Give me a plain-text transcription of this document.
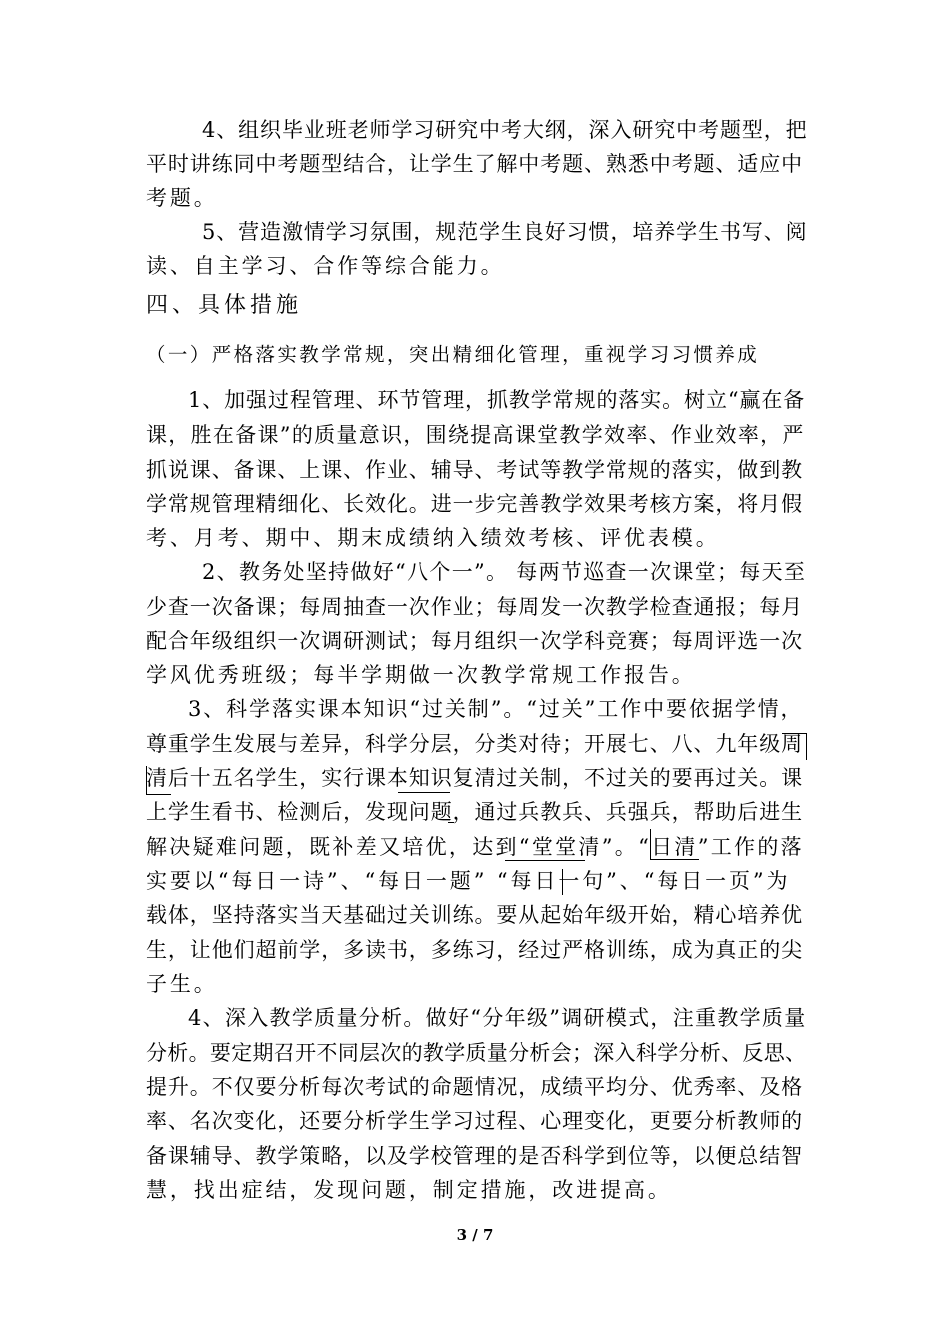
4、组织毕业班老师学习研究中考大纲，深入研究中考题型，把
平时讲练同中考题型结合，让学生了解中考题、熟悉中考题、适应中
考题。
5、营造激情学习氛围，规范学生良好习惯，培养学生书写、阅
读、自主学习、合作等综合能力。
四、具体措施
（一）严格落实教学常规，突出精细化管理，重视学习习惯养成
1、加强过程管理、环节管理，抓教学常规的落实。树立“赢在备
课，胜在备课”的质量意识，围绕提高课堂教学效率、作业效率，严
抓说课、备课、上课、作业、辅导、考试等教学常规的落实，做到教
学常规管理精细化、长效化。进一步完善教学效果考核方案，将月假
考、月考、期中、期末成绩纳入绩效考核、评优表模。
2、教务处坚持做好“八个一”。 每两节巡查一次课堂；每天至
少查一次备课；每周抽查一次作业；每周发一次教学检查通报；每月
配合年级组织一次调研测试；每月组织一次学科竞赛；每周评选一次
学风优秀班级；每半学期做一次教学常规工作报告。
3、科学落实课本知识“过关制”。“过关”工作中要依据学情，
尊重学生发展与差异，科学分层，分类对待；开展七、八、九年级周
清后十五名学生，实行课本知识复清过关制，不过关的要再过关。课
上学生看书、检测后，发现问题，通过兵教兵、兵强兵，帮助后进生
解决疑难问题，既补差又培优，达到“堂堂清”。“日清”工作的落
实要以“每日一诗”、“每日一题” “每日一句”、“每日一页”为
载体，坚持落实当天基础过关训练。要从起始年级开始，精心培养优
生，让他们超前学，多读书，多练习，经过严格训练，成为真正的尖
子生。
4、深入教学质量分析。做好“分年级”调研模式，注重教学质量
分析。要定期召开不同层次的教学质量分析会；深入科学分析、反思、
提升。不仅要分析每次考试的命题情况，成绩平均分、优秀率、及格
率、名次变化，还要分析学生学习过程、心理变化，更要分析教师的
备课辅导、教学策略，以及学校管理的是否科学到位等，以便总结智
慧，找出症结，发现问题，制定措施，改进提高。
3 / 7
